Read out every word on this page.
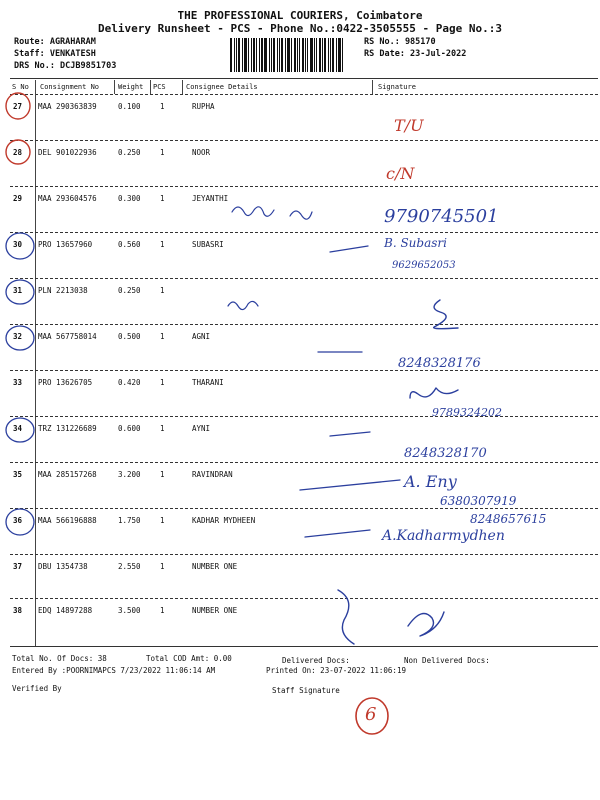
THE PROFESSIONAL COURIERS, Coimbatore
Delivery Runsheet - PCS - Phone No.:0422-3505555 - Page No.:3
Route: AGRAHARAM
Staff: VENKATESH
DRS No.: DCJB9851703
RS No.: 985170
RS Date: 23-Jul-2022
S No Consignment No	Weight PCS	Consignee Details	Signature
27 MAA 290363839	0.100	1	RUPHA
28 DEL 901022936	0.250	1	NOOR
29 MAA 293604576	0.300	1	JEYANTHI
30 PRO 13657960	0.560	1	SUBASRI
31 PLN 2213038	0.250	1
32 MAA 567758014	0.500	1	AGNI
33 PRO 13626705	0.420	1	THARANI
34 TRZ 131226689	0.600	1	AYNI
35 MAA 285157268	3.200	1	RAVINDRAN
36 MAA 566196888	1.750	1	KADHAR MYDHEEN
37 DBU 1354738	2.550	1	NUMBER ONE
38 EDQ 14897288	3.500	1	NUMBER ONE
T/U
c/N
9790745501
B. Subasri
9629652053
8248328176
9789324202
8248328170
A. Eny
6380307919
8248657615
A.Kadharmydhen
Total No. Of Docs: 38	Total COD Amt: 0.00	Delivered Docs:	Non Delivered Docs:
Entered By :POORNIMAPCS 7/23/2022 11:06:14 AM	Printed On: 23-07-2022 11:06:19
Verified By	Staff Signature
6
